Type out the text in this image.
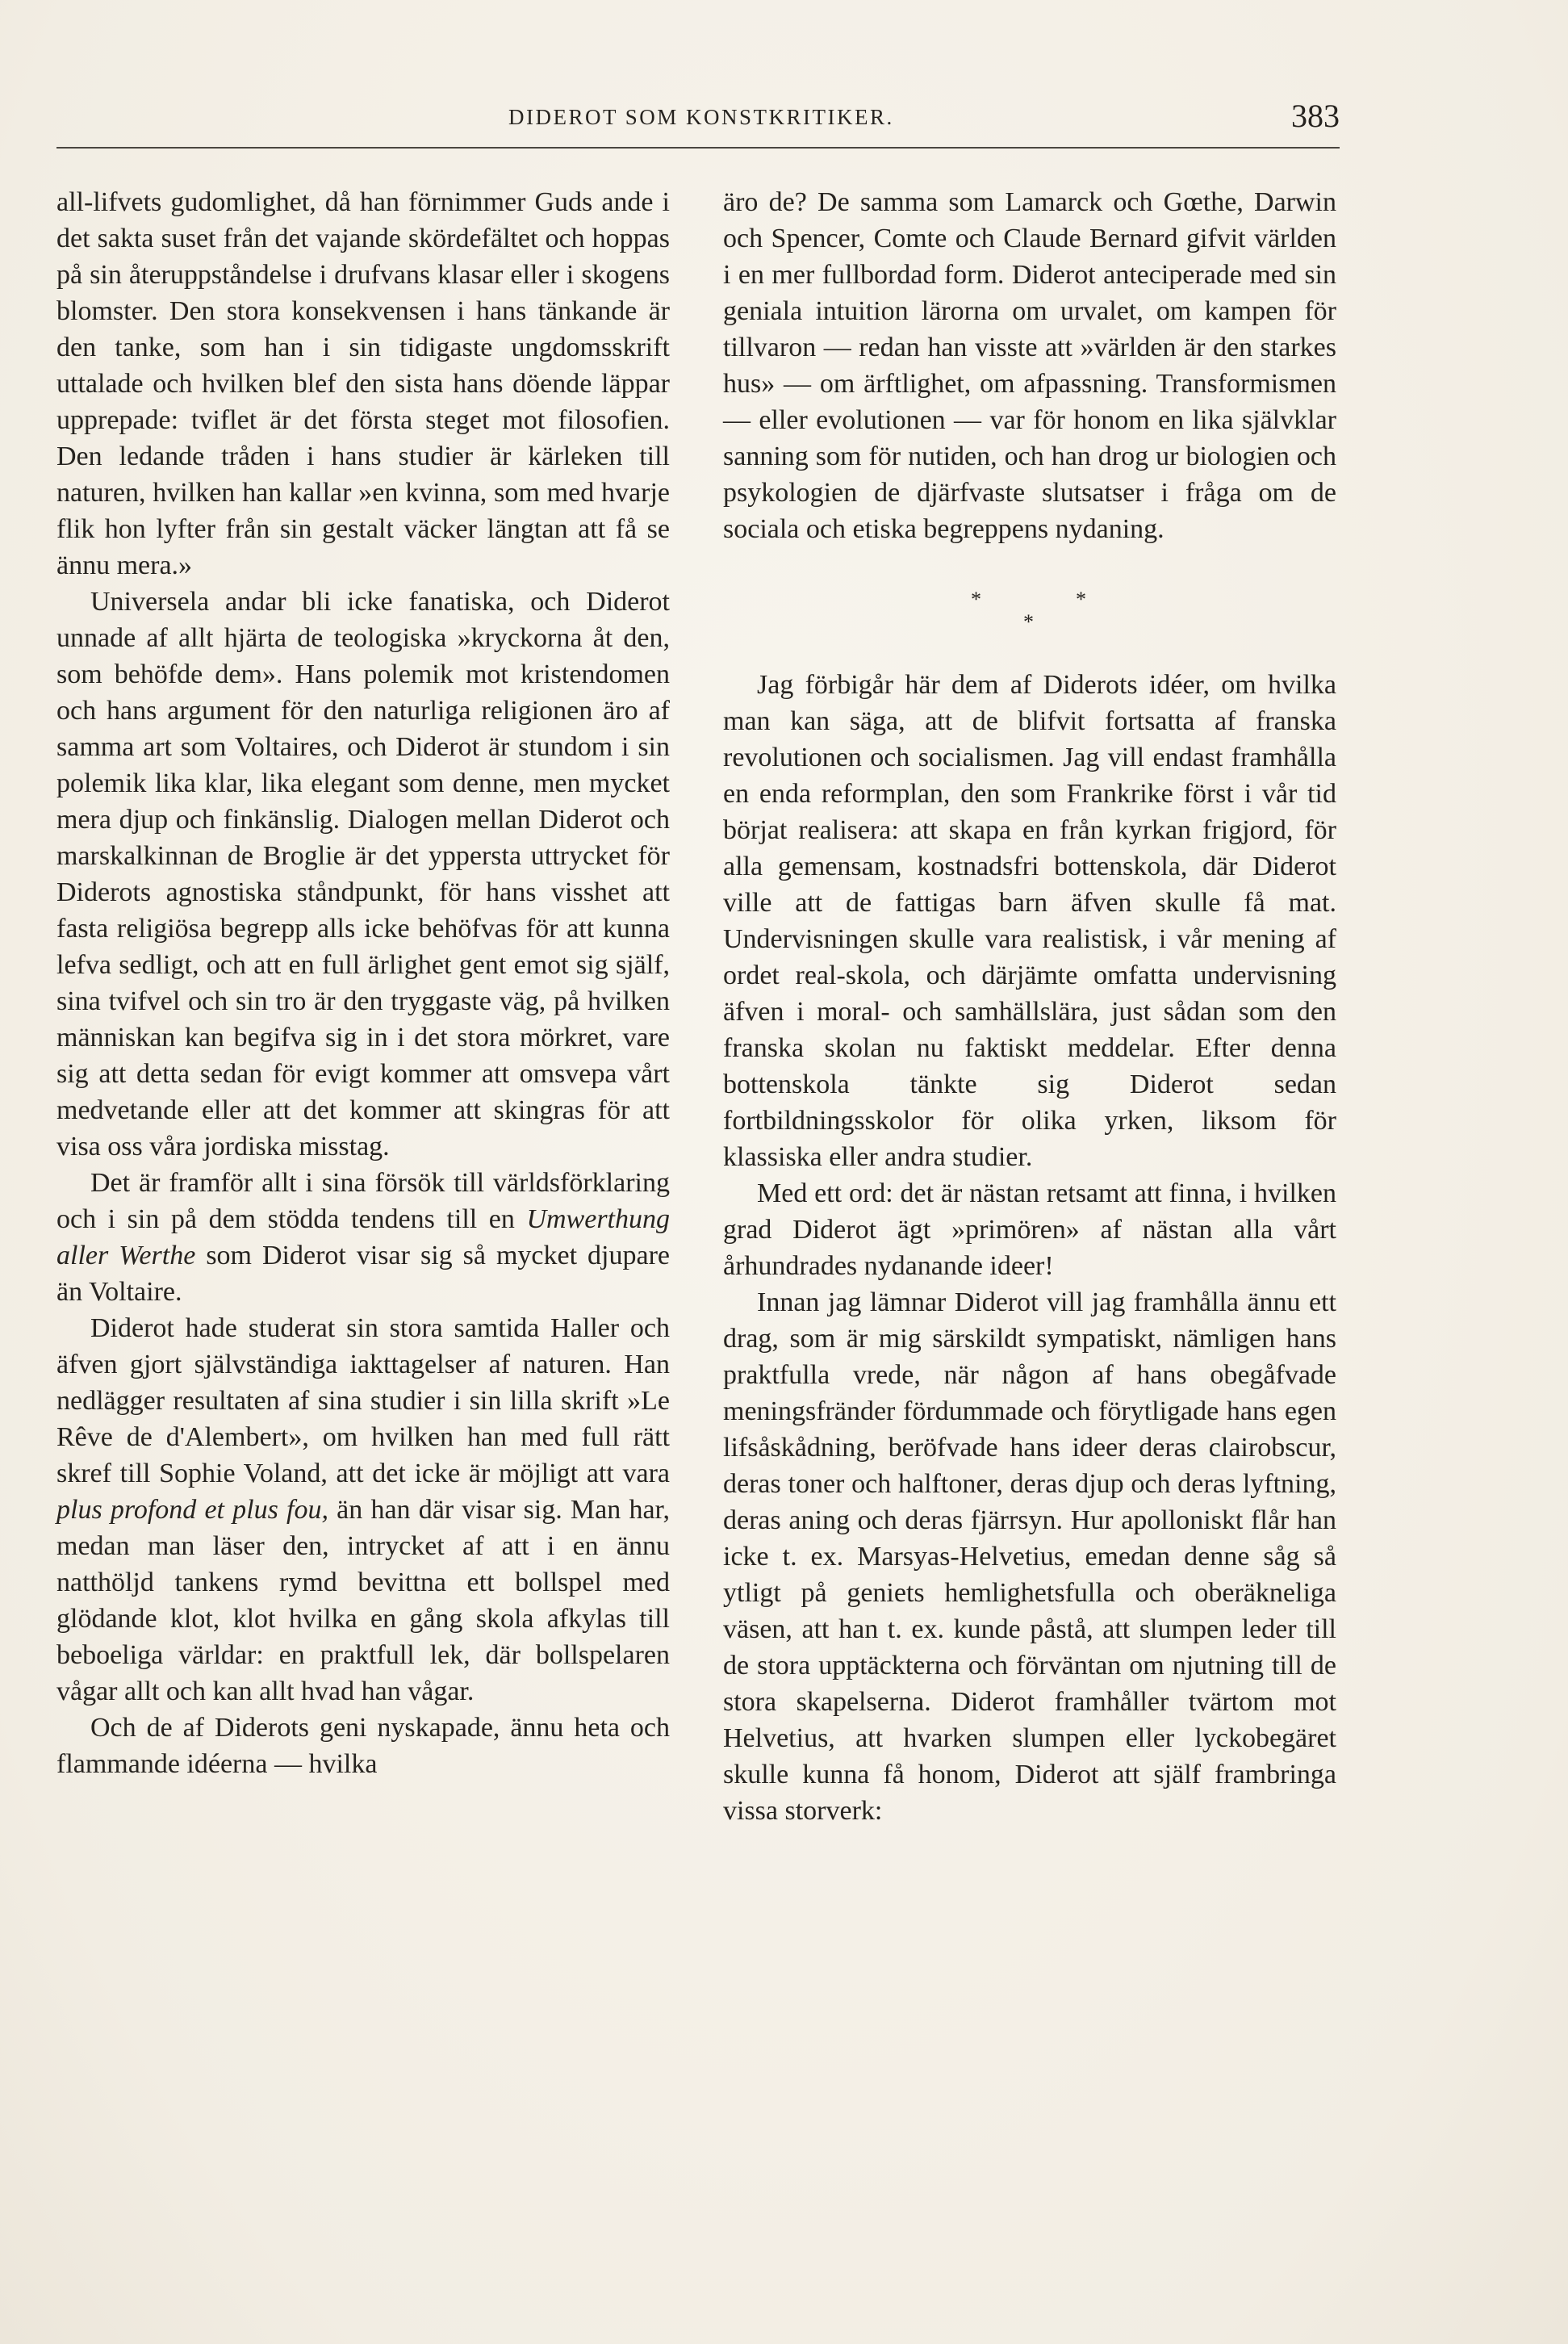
DIDEROT SOM KONSTKRITIKER.	383

all-lifvets gudomlighet, då han förnimmer Guds ande i det sakta suset från det vajande skördefältet och hoppas på sin återuppståndelse i drufvans klasar eller i skogens blomster. Den stora konsekvensen i hans tänkande är den tanke, som han i sin tidigaste ungdomsskrift uttalade och hvilken blef den sista hans döende läppar upprepade: tviflet är det första steget mot filosofien. Den ledande tråden i hans studier är kärleken till naturen, hvilken han kallar »en kvinna, som med hvarje flik hon lyfter från sin gestalt väcker längtan att få se ännu mera.»

Universela andar bli icke fanatiska, och Diderot unnade af allt hjärta de teologiska »kryckorna åt den, som behöfde dem». Hans polemik mot kristendomen och hans argument för den naturliga religionen äro af samma art som Voltaires, och Diderot är stundom i sin polemik lika klar, lika elegant som denne, men mycket mera djup och finkänslig. Dialogen mellan Diderot och marskalkinnan de Broglie är det yppersta uttrycket för Diderots agnostiska ståndpunkt, för hans visshet att fasta religiösa begrepp alls icke behöfvas för att kunna lefva sedligt, och att en full ärlighet gent emot sig själf, sina tvifvel och sin tro är den tryggaste väg, på hvilken människan kan begifva sig in i det stora mörkret, vare sig att detta sedan för evigt kommer att omsvepa vårt medvetande eller att det kommer att skingras för att visa oss våra jordiska misstag.

Det är framför allt i sina försök till världsförklaring och i sin på dem stödda tendens till en Umwerthung aller Werthe som Diderot visar sig så mycket djupare än Voltaire.

Diderot hade studerat sin stora samtida Haller och äfven gjort självständiga iakttagelser af naturen. Han nedlägger resultaten af sina studier i sin lilla skrift »Le Rêve de d'Alembert», om hvilken han med full rätt skref till Sophie Voland, att det icke är möjligt att vara plus profond et plus fou, än han där visar sig. Man har, medan man läser den, intrycket af att i en ännu natthöljd tankens rymd bevittna ett bollspel med glödande klot, klot hvilka en gång skola afkylas till beboeliga världar: en praktfull lek, där bollspelaren vågar allt och kan allt hvad han vågar.

Och de af Diderots geni nyskapade, ännu heta och flammande idéerna — hvilka

äro de? De samma som Lamarck och Gœthe, Darwin och Spencer, Comte och Claude Bernard gifvit världen i en mer fullbordad form. Diderot anteciperade med sin geniala intuition lärorna om urvalet, om kampen för tillvaron — redan han visste att »världen är den starkes hus» — om ärftlighet, om afpassning. Transformismen — eller evolutionen — var för honom en lika självklar sanning som för nutiden, och han drog ur biologien och psykologien de djärfvaste slutsatser i fråga om de sociala och etiska begreppens nydaning.

*
*
*

Jag förbigår här dem af Diderots idéer, om hvilka man kan säga, att de blifvit fortsatta af franska revolutionen och socialismen. Jag vill endast framhålla en enda reformplan, den som Frankrike först i vår tid börjat realisera: att skapa en från kyrkan frigjord, för alla gemensam, kostnadsfri bottenskola, där Diderot ville att de fattigas barn äfven skulle få mat. Undervisningen skulle vara realistisk, i vår mening af ordet real-skola, och därjämte omfatta undervisning äfven i moral- och samhällslära, just sådan som den franska skolan nu faktiskt meddelar. Efter denna bottenskola tänkte sig Diderot sedan fortbildningsskolor för olika yrken, liksom för klassiska eller andra studier.

Med ett ord: det är nästan retsamt att finna, i hvilken grad Diderot ägt »primören» af nästan alla vårt århundrades nydanande ideer!

Innan jag lämnar Diderot vill jag framhålla ännu ett drag, som är mig särskildt sympatiskt, nämligen hans praktfulla vrede, när någon af hans obegåfvade meningsfränder fördummade och förytligade hans egen lifsåskådning, beröfvade hans ideer deras clairobscur, deras toner och halftoner, deras djup och deras lyftning, deras aning och deras fjärrsyn. Hur apolloniskt flår han icke t. ex. Marsyas-Helvetius, emedan denne såg så ytligt på geniets hemlighetsfulla och oberäkneliga väsen, att han t. ex. kunde påstå, att slumpen leder till de stora upptäckterna och förväntan om njutning till de stora skapelserna. Diderot framhåller tvärtom mot Helvetius, att hvarken slumpen eller lyckobegäret skulle kunna få honom, Diderot att själf frambringa vissa storverk:
